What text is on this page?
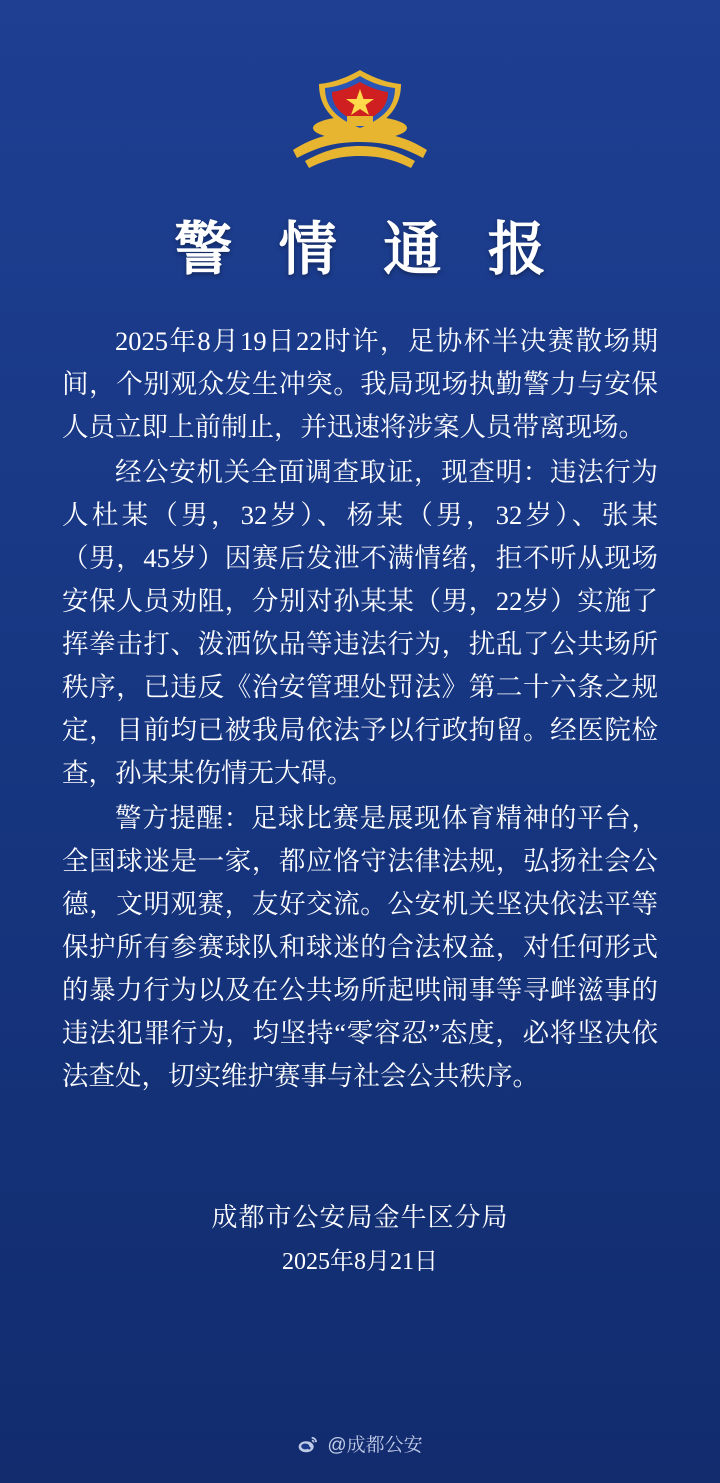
警 情 通 报

2025年8月19日22时许，足协杯半决赛散场期间，个别观众发生冲突。我局现场执勤警力与安保人员立即上前制止，并迅速将涉案人员带离现场。

经公安机关全面调查取证，现查明：违法行为人杜某（男，32岁）、杨某（男，32岁）、张某（男，45岁）因赛后发泄不满情绪，拒不听从现场安保人员劝阻，分别对孙某某（男，22岁）实施了挥拳击打、泼洒饮品等违法行为，扰乱了公共场所秩序，已违反《治安管理处罚法》第二十六条之规定，目前均已被我局依法予以行政拘留。经医院检查，孙某某伤情无大碍。

警方提醒：足球比赛是展现体育精神的平台，全国球迷是一家，都应恪守法律法规，弘扬社会公德，文明观赛，友好交流。公安机关坚决依法平等保护所有参赛球队和球迷的合法权益，对任何形式的暴力行为以及在公共场所起哄闹事等寻衅滋事的违法犯罪行为，均坚持“零容忍”态度，必将坚决依法查处，切实维护赛事与社会公共秩序。

成都市公安局金牛区分局
2025年8月21日
@成都公安
